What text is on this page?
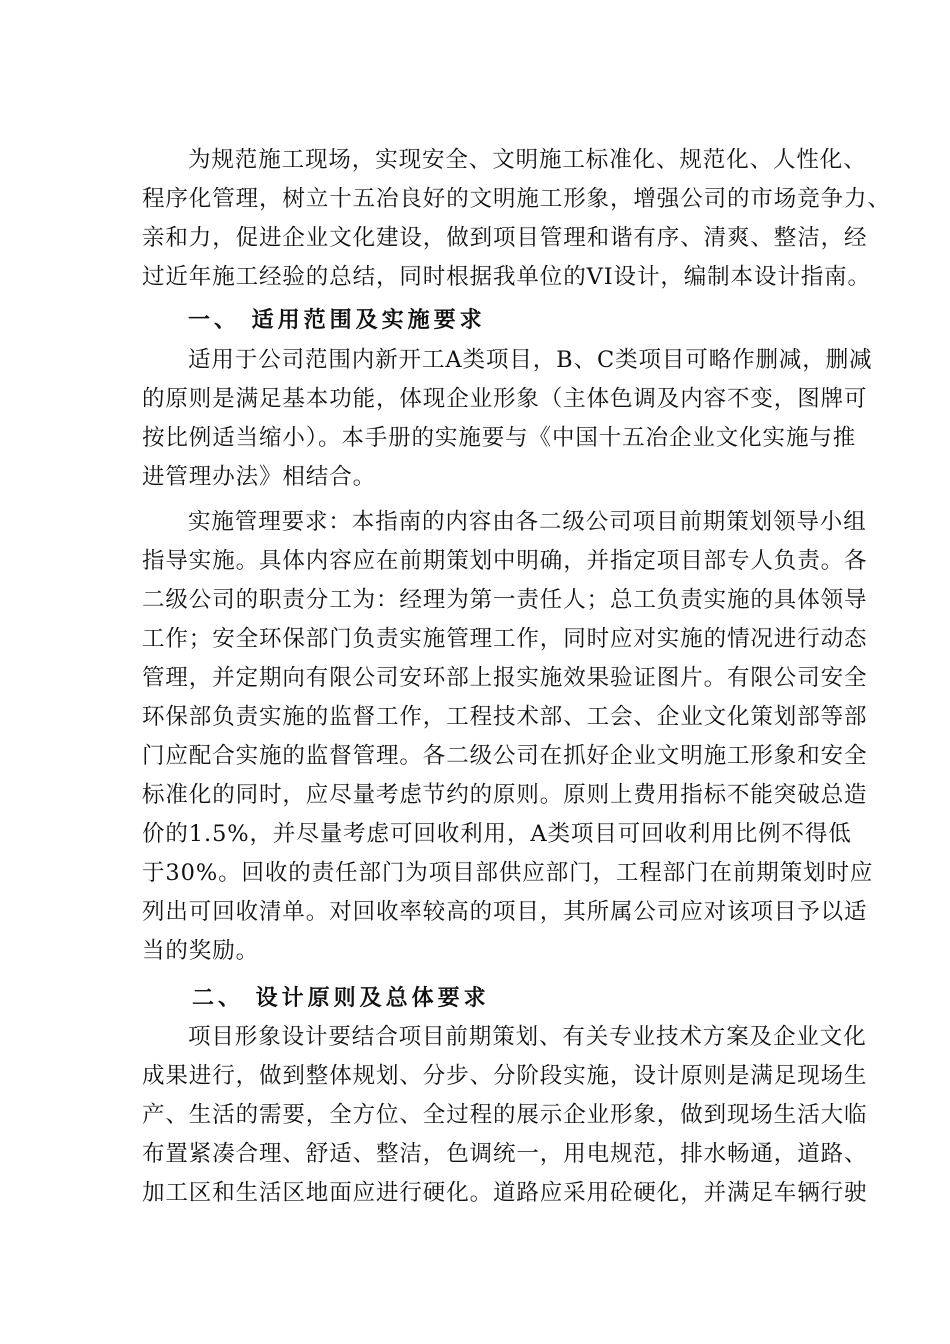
为规范施工现场，实现安全、文明施工标准化、规范化、人性化、
程序化管理，树立十五冶良好的文明施工形象，增强公司的市场竞争力、
亲和力，促进企业文化建设，做到项目管理和谐有序、清爽、整洁，经
过近年施工经验的总结，同时根据我单位的VI设计，编制本设计指南。
一、 适用范围及实施要求
适用于公司范围内新开工A类项目，B、C类项目可略作删减，删减
的原则是满足基本功能，体现企业形象（主体色调及内容不变，图牌可
按比例适当缩小）。本手册的实施要与《中国十五冶企业文化实施与推
进管理办法》相结合。
实施管理要求：本指南的内容由各二级公司项目前期策划领导小组
指导实施。具体内容应在前期策划中明确，并指定项目部专人负责。各
二级公司的职责分工为：经理为第一责任人；总工负责实施的具体领导
工作；安全环保部门负责实施管理工作，同时应对实施的情况进行动态
管理，并定期向有限公司安环部上报实施效果验证图片。有限公司安全
环保部负责实施的监督工作，工程技术部、工会、企业文化策划部等部
门应配合实施的监督管理。各二级公司在抓好企业文明施工形象和安全
标准化的同时，应尽量考虑节约的原则。原则上费用指标不能突破总造
价的1.5%，并尽量考虑可回收利用，A类项目可回收利用比例不得低
于30%。回收的责任部门为项目部供应部门，工程部门在前期策划时应
列出可回收清单。对回收率较高的项目，其所属公司应对该项目予以适
当的奖励。
二、 设计原则及总体要求
项目形象设计要结合项目前期策划、有关专业技术方案及企业文化
成果进行，做到整体规划、分步、分阶段实施，设计原则是满足现场生
产、生活的需要，全方位、全过程的展示企业形象，做到现场生活大临
布置紧凑合理、舒适、整洁，色调统一，用电规范，排水畅通，道路、
加工区和生活区地面应进行硬化。道路应采用砼硬化，并满足车辆行驶
